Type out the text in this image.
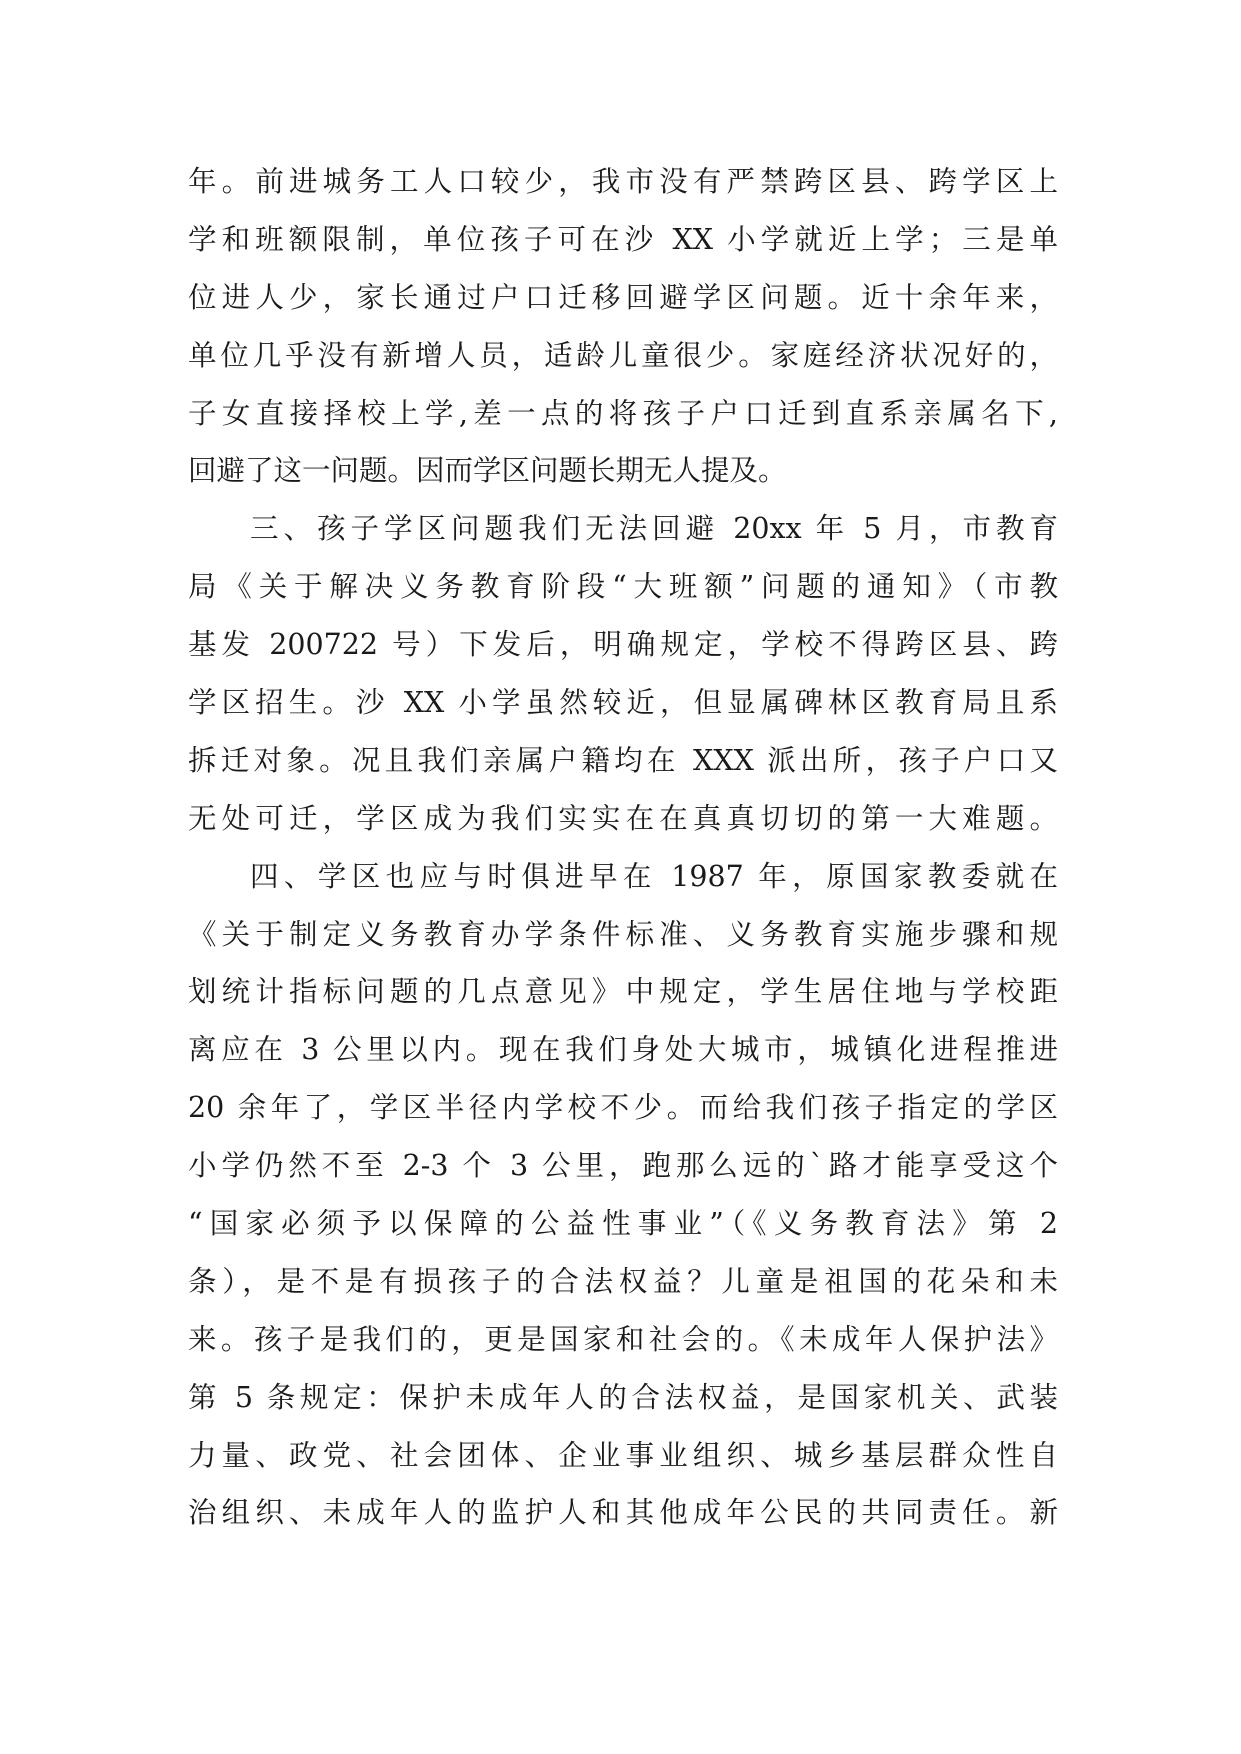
年。前进城务工人口较少，我市没有严禁跨区县、跨学区上
学和班额限制，单位孩子可在沙 XX 小学就近上学；三是单
位进人少，家长通过户口迁移回避学区问题。近十余年来，
单位几乎没有新增人员，适龄儿童很少。家庭经济状况好的，
子女直接择校上学,差一点的将孩子户口迁到直系亲属名下,
回避了这一问题。因而学区问题长期无人提及。
三、孩子学区问题我们无法回避 20xx 年 5 月，市教育
局《关于解决义务教育阶段“大班额”问题的通知》（市教
基发 200722 号）下发后，明确规定，学校不得跨区县、跨
学区招生。沙 XX 小学虽然较近，但显属碑林区教育局且系
拆迁对象。况且我们亲属户籍均在 XXX 派出所，孩子户口又
无处可迁，学区成为我们实实在在真真切切的第一大难题。
四、学区也应与时俱进早在 1987 年，原国家教委就在
《关于制定义务教育办学条件标准、义务教育实施步骤和规
划统计指标问题的几点意见》中规定，学生居住地与学校距
离应在 3 公里以内。现在我们身处大城市，城镇化进程推进
20 余年了，学区半径内学校不少。而给我们孩子指定的学区
小学仍然不至 2-3 个 3 公里，跑那么远的`路才能享受这个
“国家必须予以保障的公益性事业”（《义务教育法》第 2
条），是不是有损孩子的合法权益？儿童是祖国的花朵和未
来。孩子是我们的，更是国家和社会的。《未成年人保护法》
第 5 条规定：保护未成年人的合法权益，是国家机关、武装
力量、政党、社会团体、企业事业组织、城乡基层群众性自
治组织、未成年人的监护人和其他成年公民的共同责任。新
